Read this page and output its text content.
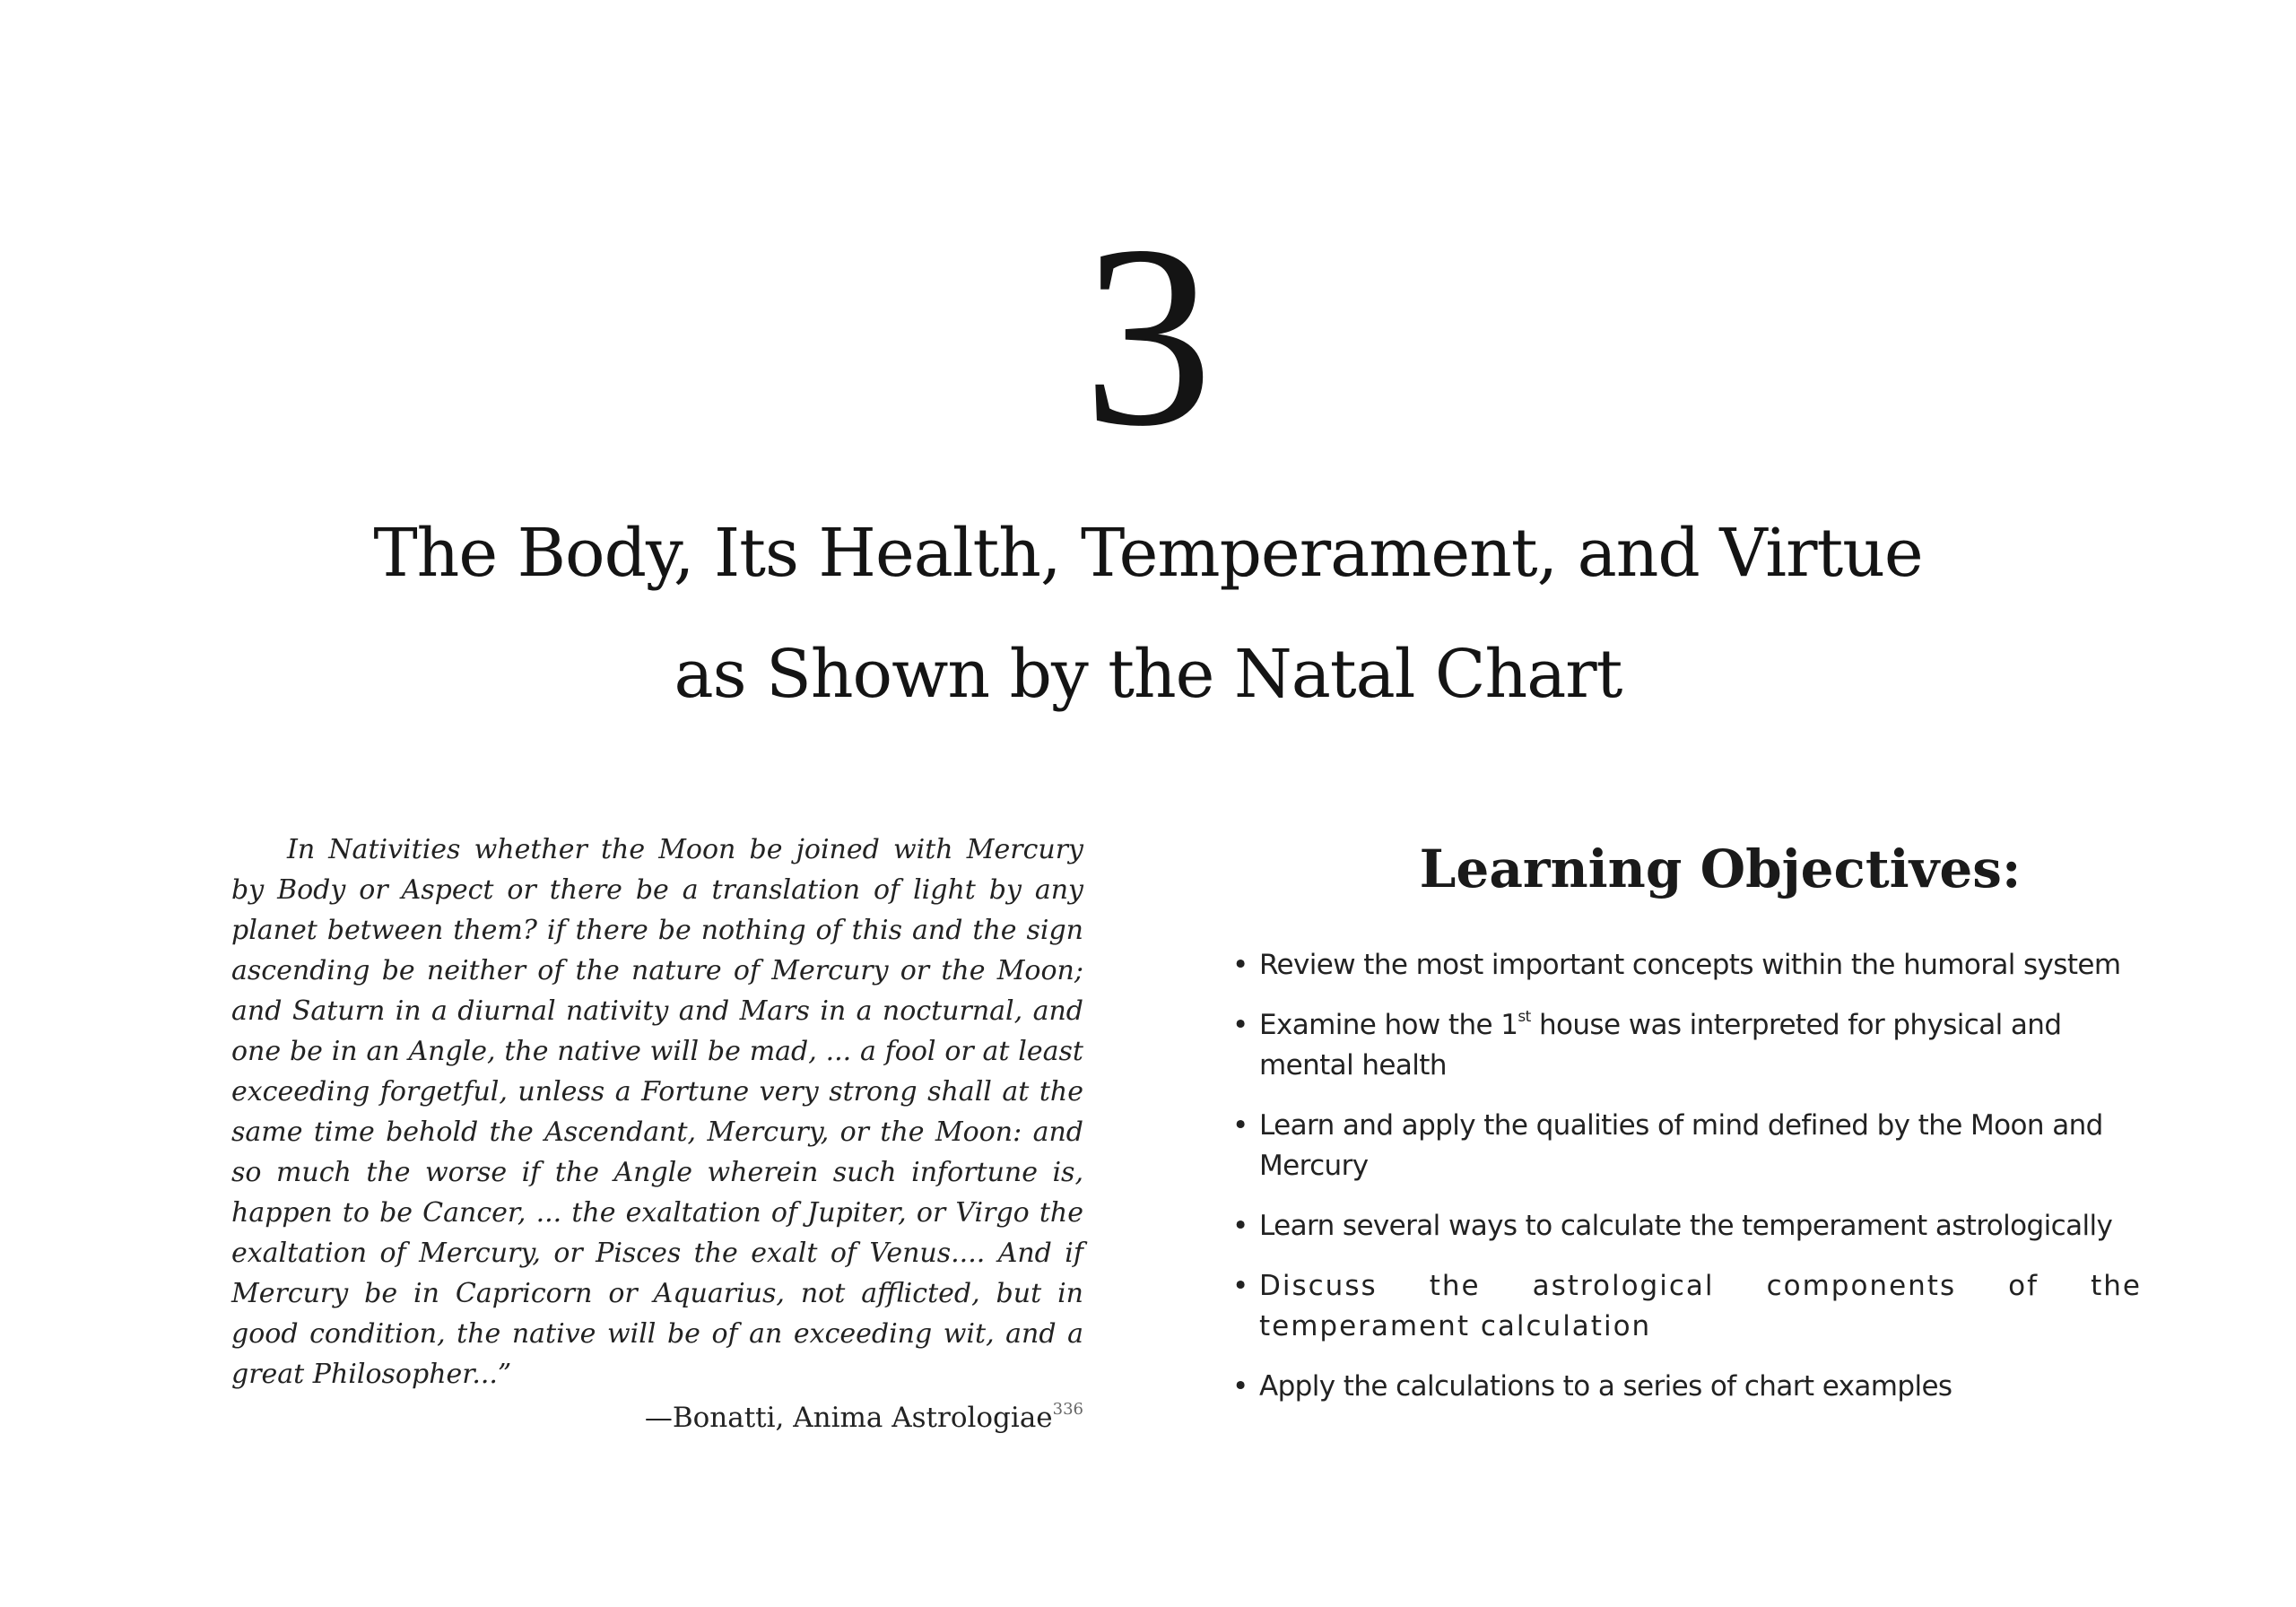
3
The Body, Its Health, Temperament, and Virtue
as Shown by the Natal Chart

In Nativities whether the Moon be joined with Mercury by Body or Aspect or there be a translation of light by any planet between them? if there be nothing of this and the sign ascending be neither of the nature of Mercury or the Moon; and Saturn in a diurnal nativity and Mars in a nocturnal, and one be in an Angle, the native will be mad, ... a fool or at least exceeding forgetful, unless a Fortune very strong shall at the same time behold the Ascendant, Mercury, or the Moon: and so much the worse if the Angle wherein such infortune is, happen to be Cancer, ... the exaltation of Jupiter, or Virgo the exaltation of Mercury, or Pisces the exalt of Venus.... And if Mercury be in Capricorn or Aquarius, not afflicted, but in good condition, the native will be of an exceeding wit, and a great Philosopher...”

—Bonatti, Anima Astrologiae$^{336}$
Learning Objectives:
• Review the most important concepts within the humoral system
• Examine how the 1st house was interpreted for physical and mental health
• Learn and apply the qualities of mind defined by the Moon and Mercury
• Learn several ways to calculate the temperament astrologically
• Discuss the astrological components of the temperament calculation
• Apply the calculations to a series of chart examples
